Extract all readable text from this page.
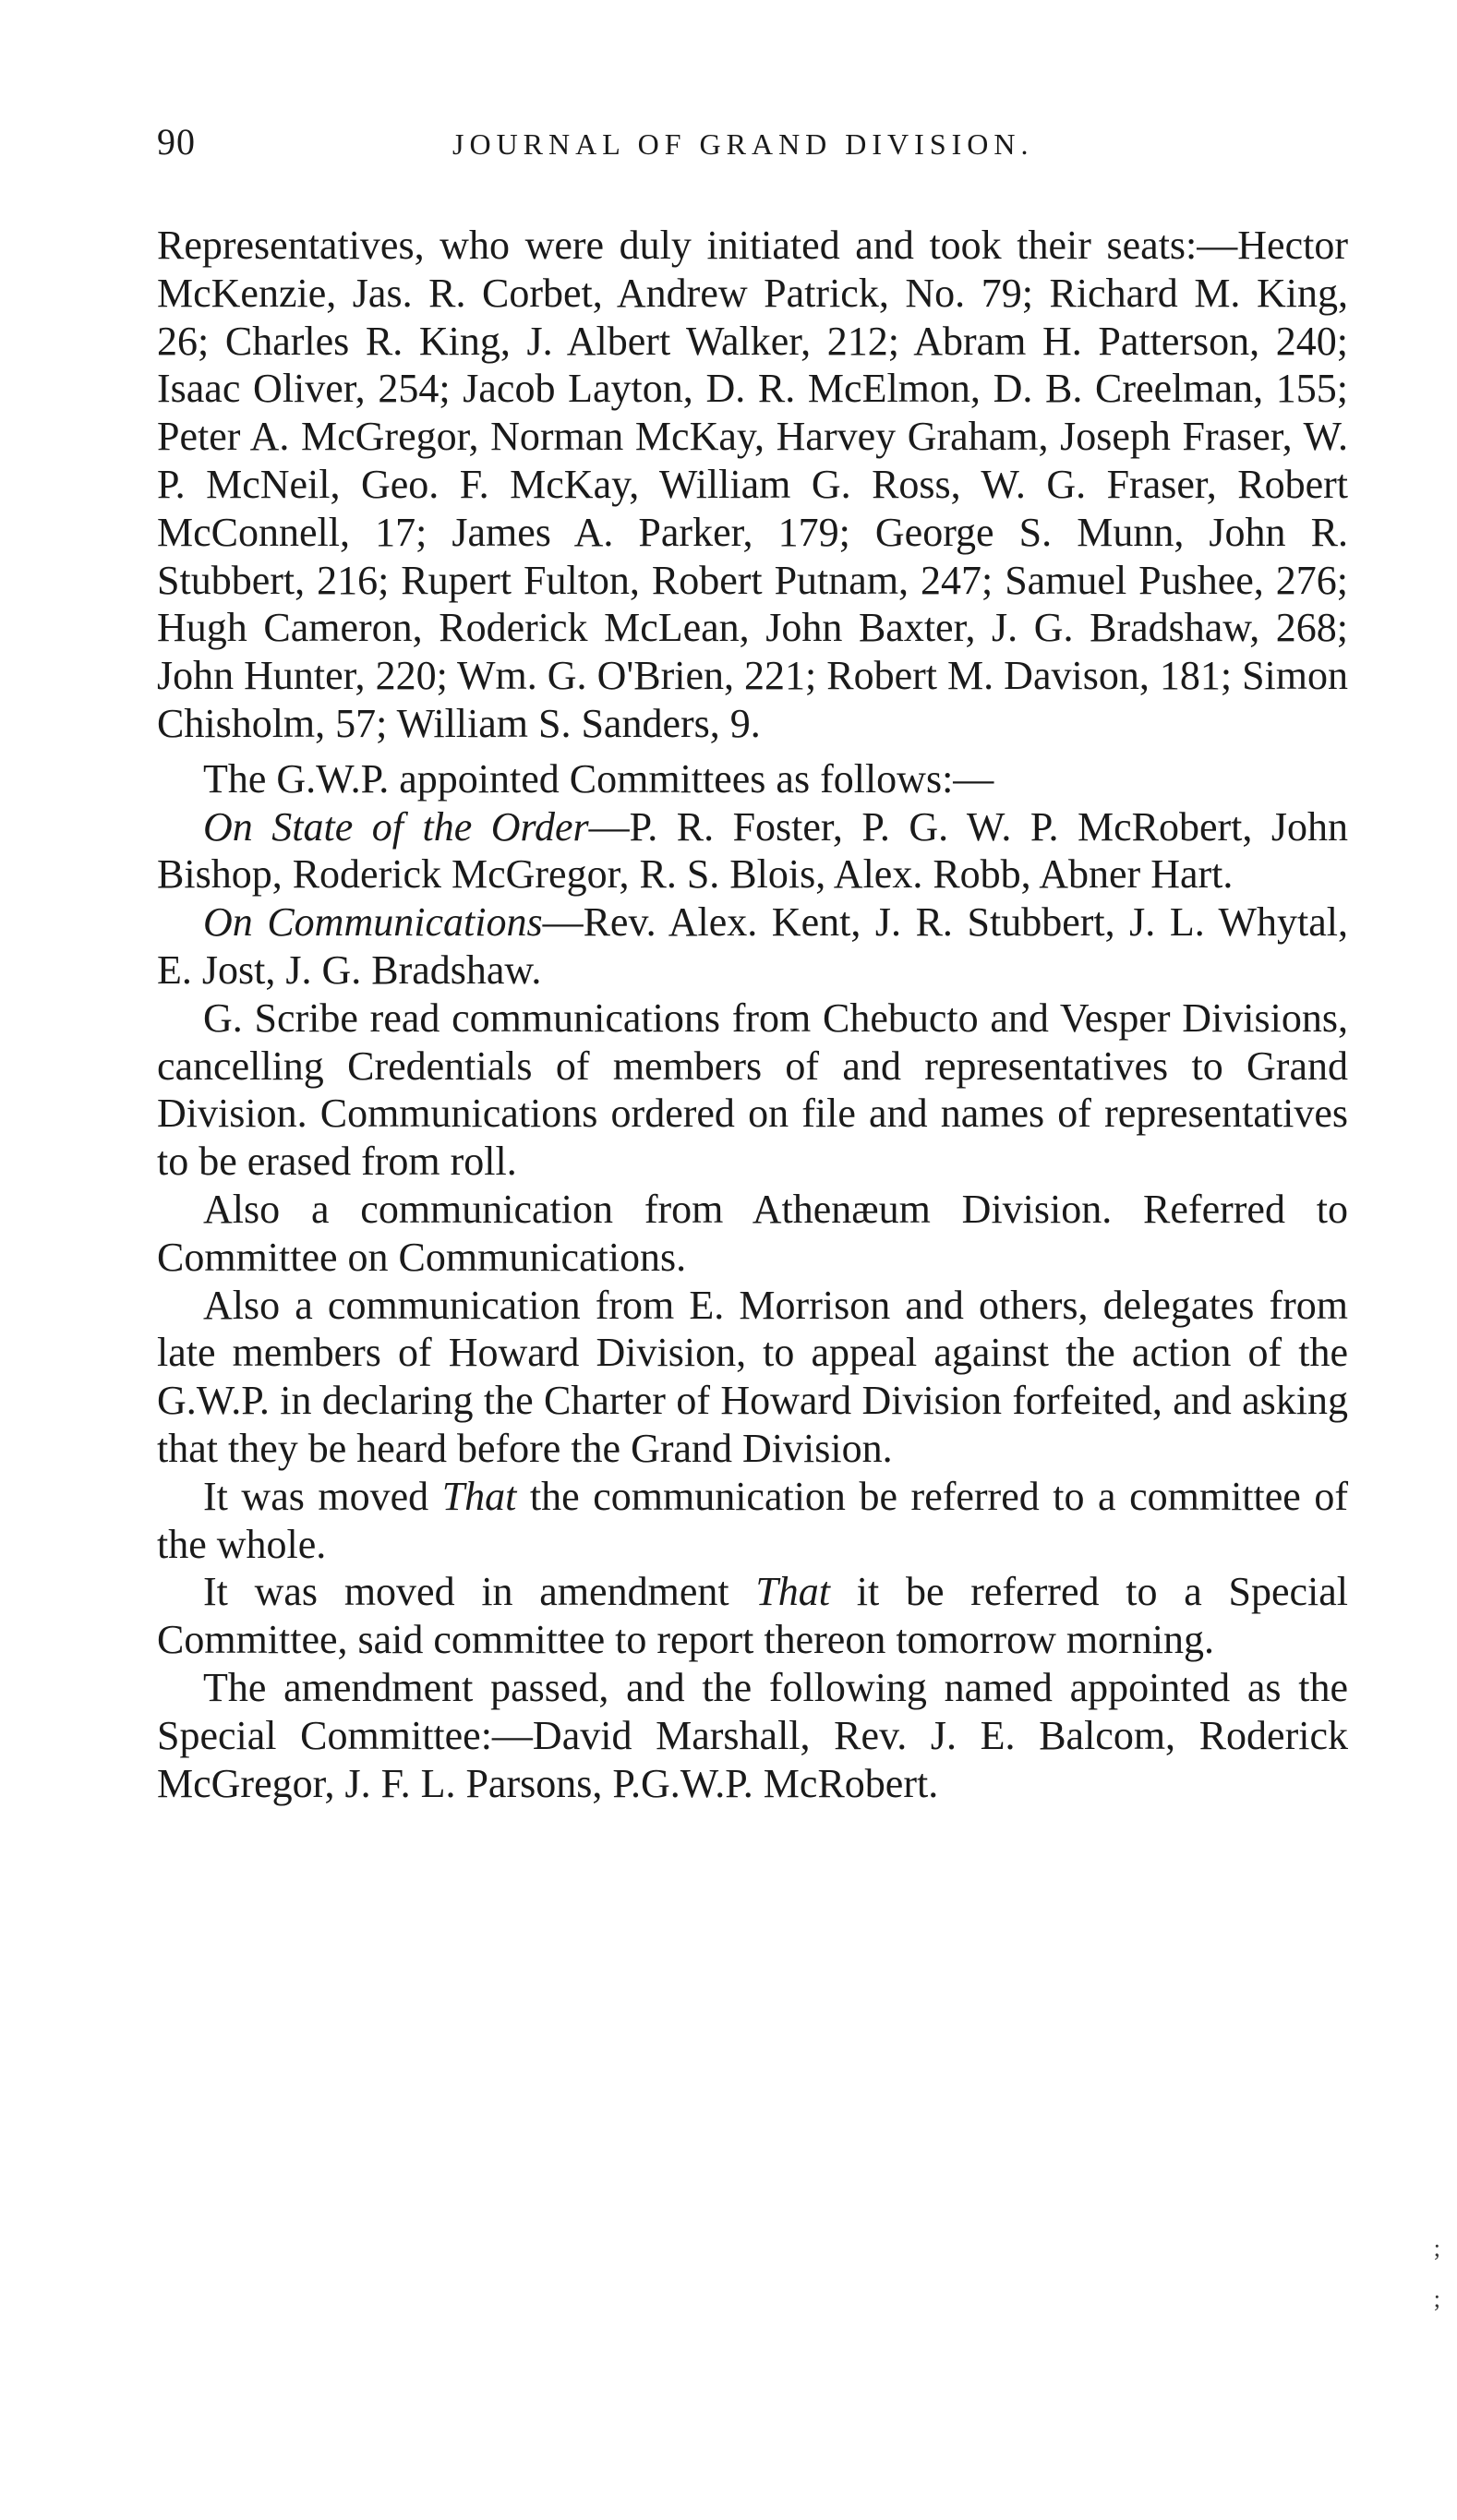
90	JOURNAL OF GRAND DIVISION.

Representatives, who were duly initiated and took their seats:—Hector McKenzie, Jas. R. Corbet, Andrew Patrick, No. 79; Richard M. King, 26; Charles R. King, J. Albert Walker, 212; Abram H. Patterson, 240; Isaac Oliver, 254; Jacob Layton, D. R. McElmon, D. B. Creelman, 155; Peter A. McGregor, Norman McKay, Harvey Graham, Joseph Fraser, W. P. McNeil, Geo. F. McKay, William G. Ross, W. G. Fraser, Robert McConnell, 17; James A. Parker, 179; George S. Munn, John R. Stubbert, 216; Rupert Fulton, Robert Putnam, 247; Samuel Pushee, 276; Hugh Cameron, Roderick McLean, John Baxter, J. G. Bradshaw, 268; John Hunter, 220; Wm. G. O'Brien, 221; Robert M. Davison, 181; Simon Chisholm, 57; William S. Sanders, 9.

The G.W.P. appointed Committees as follows:—

On State of the Order—P. R. Foster, P. G. W. P. McRobert, John Bishop, Roderick McGregor, R. S. Blois, Alex. Robb, Abner Hart.

On Communications—Rev. Alex. Kent, J. R. Stubbert, J. L. Whytal, E. Jost, J. G. Bradshaw.

G. Scribe read communications from Chebucto and Vesper Divisions, cancelling Credentials of members of and representatives to Grand Division. Communications ordered on file and names of representatives to be erased from roll.

Also a communication from Athenæum Division. Referred to Committee on Communications.

Also a communication from E. Morrison and others, delegates from late members of Howard Division, to appeal against the action of the G.W.P. in declaring the Charter of Howard Division forfeited, and asking that they be heard before the Grand Division.

It was moved That the communication be referred to a committee of the whole.

It was moved in amendment That it be referred to a Special Committee, said committee to report thereon tomorrow morning.

The amendment passed, and the following named appointed as the Special Committee:—David Marshall, Rev. J. E. Balcom, Roderick McGregor, J. F. L. Parsons, P.G.W.P. McRobert.

;
;
